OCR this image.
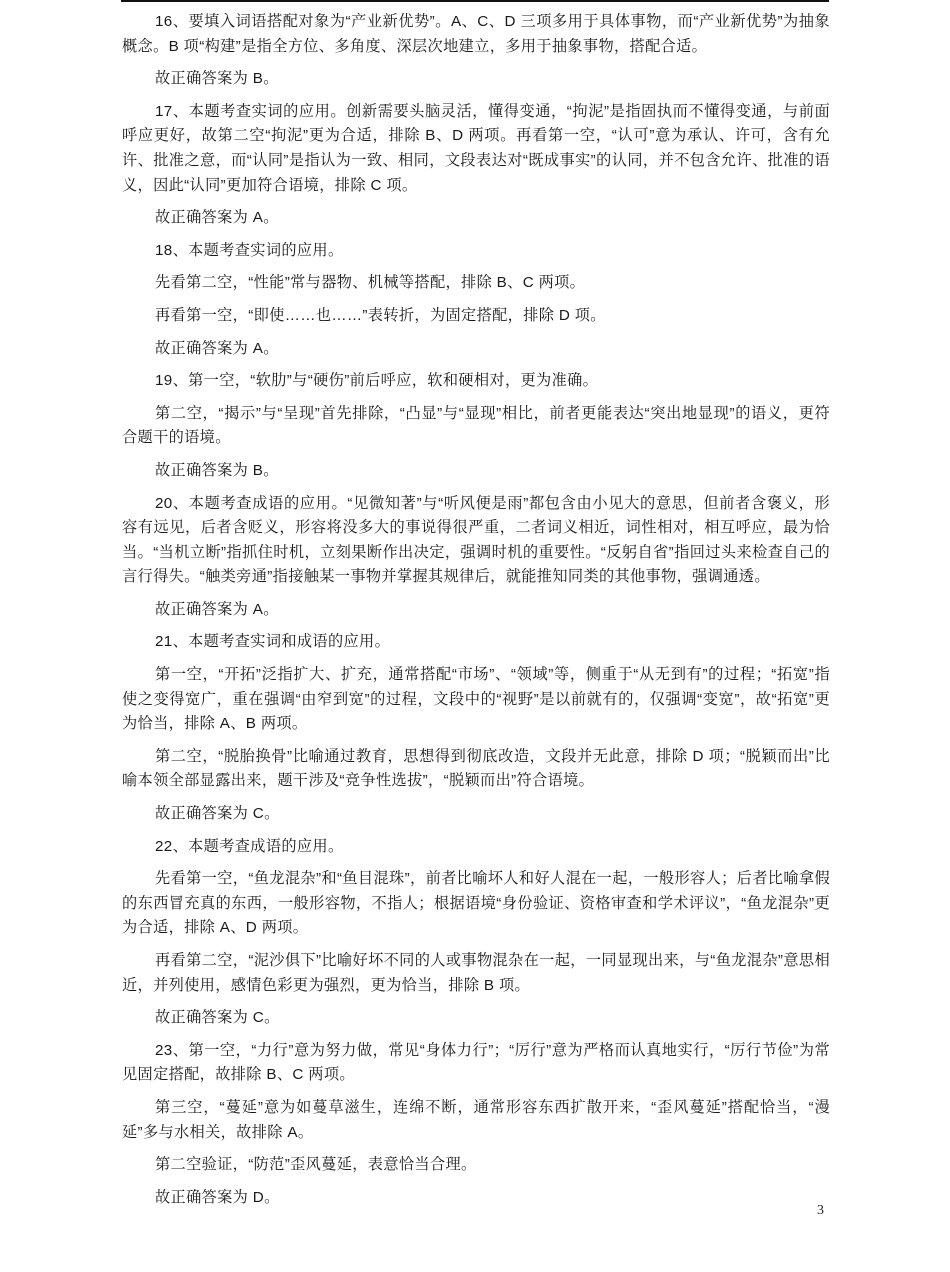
16、要填入词语搭配对象为“产业新优势”。A、C、D 三项多用于具体事物，而“产业新优势”为抽象概念。B 项“构建”是指全方位、多角度、深层次地建立，多用于抽象事物，搭配合适。

故正确答案为 B。

17、本题考查实词的应用。创新需要头脑灵活，懂得变通，“拘泥”是指固执而不懂得变通，与前面呼应更好，故第二空“拘泥”更为合适，排除 B、D 两项。再看第一空，“认可”意为承认、许可，含有允许、批准之意，而“认同”是指认为一致、相同，文段表达对“既成事实”的认同，并不包含允许、批准的语义，因此“认同”更加符合语境，排除 C 项。

故正确答案为 A。

18、本题考查实词的应用。

先看第二空，“性能”常与器物、机械等搭配，排除 B、C 两项。

再看第一空，“即使……也……”表转折，为固定搭配，排除 D 项。

故正确答案为 A。

19、第一空，“软肋”与“硬伤”前后呼应，软和硬相对，更为准确。

第二空，“揭示”与“呈现”首先排除，“凸显”与“显现”相比，前者更能表达“突出地显现”的语义，更符合题干的语境。

故正确答案为 B。

20、本题考查成语的应用。“见微知著”与“听风便是雨”都包含由小见大的意思，但前者含褒义，形容有远见，后者含贬义，形容将没多大的事说得很严重，二者词义相近，词性相对，相互呼应，最为恰当。“当机立断”指抓住时机，立刻果断作出决定，强调时机的重要性。“反躬自省”指回过头来检查自己的言行得失。“触类旁通”指接触某一事物并掌握其规律后，就能推知同类的其他事物，强调通透。

故正确答案为 A。

21、本题考查实词和成语的应用。

第一空，“开拓”泛指扩大、扩充，通常搭配“市场”、“领域”等，侧重于“从无到有”的过程；“拓宽”指使之变得宽广，重在强调“由窄到宽”的过程，文段中的“视野”是以前就有的，仅强调“变宽”，故“拓宽”更为恰当，排除 A、B 两项。

第二空，“脱胎换骨”比喻通过教育，思想得到彻底改造，文段并无此意，排除 D 项；“脱颖而出”比喻本领全部显露出来，题干涉及“竞争性选拔”，“脱颖而出”符合语境。

故正确答案为 C。

22、本题考查成语的应用。

先看第一空，“鱼龙混杂”和“鱼目混珠”，前者比喻坏人和好人混在一起，一般形容人；后者比喻拿假的东西冒充真的东西，一般形容物，不指人；根据语境“身份验证、资格审查和学术评议”，“鱼龙混杂”更为合适，排除 A、D 两项。

再看第二空，“泥沙俱下”比喻好坏不同的人或事物混杂在一起，一同显现出来，与“鱼龙混杂”意思相近，并列使用，感情色彩更为强烈，更为恰当，排除 B 项。

故正确答案为 C。

23、第一空，“力行”意为努力做，常见“身体力行”；“厉行”意为严格而认真地实行，“厉行节俭”为常见固定搭配，故排除 B、C 两项。

第三空，“蔓延”意为如蔓草滋生，连绵不断，通常形容东西扩散开来，“歪风蔓延”搭配恰当，“漫延”多与水相关，故排除 A。

第二空验证，“防范”歪风蔓延，表意恰当合理。

故正确答案为 D。

3
